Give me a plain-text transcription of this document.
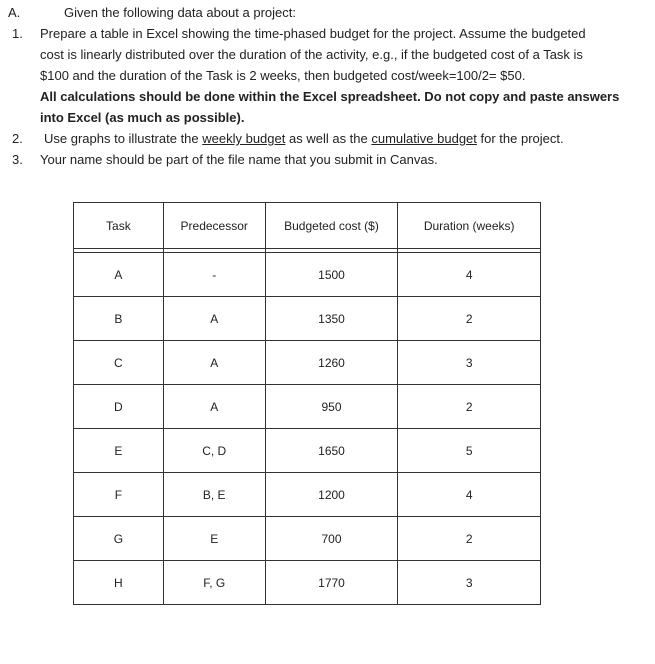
A.	Given the following data about a project:
1. Prepare a table in Excel showing the time-phased budget for the project. Assume the budgeted
cost is linearly distributed over the duration of the activity, e.g., if the budgeted cost of a Task is
$100 and the duration of the Task is 2 weeks, then budgeted cost/week=100/2= $50.
All calculations should be done within the Excel spreadsheet. Do not copy and paste answers
into Excel (as much as possible).
2. Use graphs to illustrate the weekly budget as well as the cumulative budget for the project.
3. Your name should be part of the file name that you submit in Canvas.
Task	Predecessor	Budgeted cost ($)	Duration (weeks)

A	-	1500	4
B	A	1350	2
C	A	1260	3
D	A	950	2
E	C, D	1650	5
F	B, E	1200	4
G	E	700	2
H	F, G	1770	3
